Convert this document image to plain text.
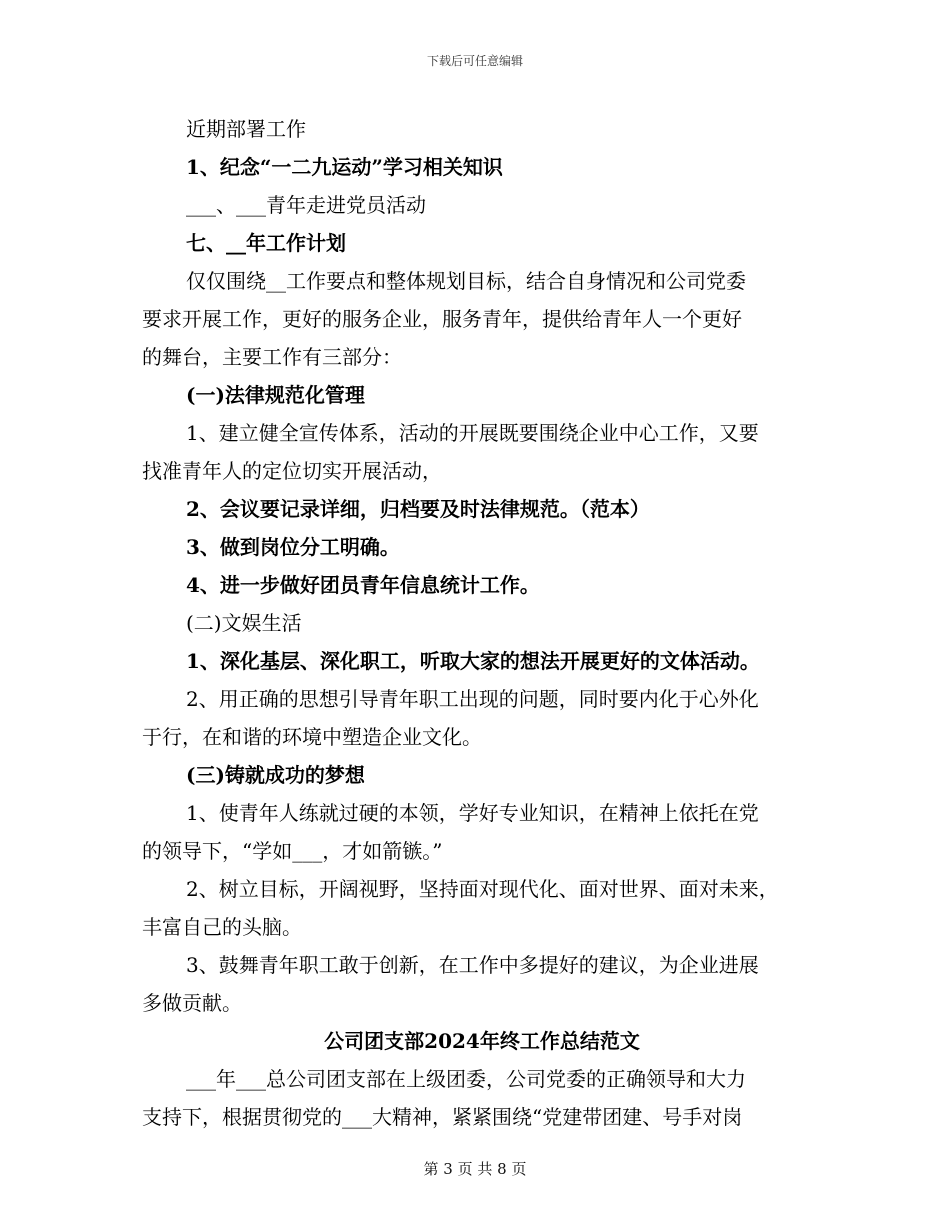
下载后可任意编辑
近期部署工作
1、纪念“一二九运动”学习相关知识
___、___青年走进党员活动
七、__年工作计划
仅仅围绕__工作要点和整体规划目标，结合自身情况和公司党委
要求开展工作，更好的服务企业，服务青年，提供给青年人一个更好
的舞台，主要工作有三部分：
(一)法律规范化管理
1、建立健全宣传体系，活动的开展既要围绕企业中心工作，又要
找准青年人的定位切实开展活动，
2、会议要记录详细，归档要及时法律规范。（范本）
3、做到岗位分工明确。
4、进一步做好团员青年信息统计工作。
(二)文娱生活
1、深化基层、深化职工，听取大家的想法开展更好的文体活动。
2、用正确的思想引导青年职工出现的问题，同时要内化于心外化
于行，在和谐的环境中塑造企业文化。
(三)铸就成功的梦想
1、使青年人练就过硬的本领，学好专业知识，在精神上依托在党
的领导下，“学如___，才如箭镞。”
2、树立目标，开阔视野，坚持面对现代化、面对世界、面对未来，
丰富自己的头脑。
3、鼓舞青年职工敢于创新，在工作中多提好的建议，为企业进展
多做贡献。
公司团支部2024年终工作总结范文
___年___总公司团支部在上级团委，公司党委的正确领导和大力
支持下，根据贯彻党的___大精神，紧紧围绕“党建带团建、号手对岗
第 3 页 共 8 页
